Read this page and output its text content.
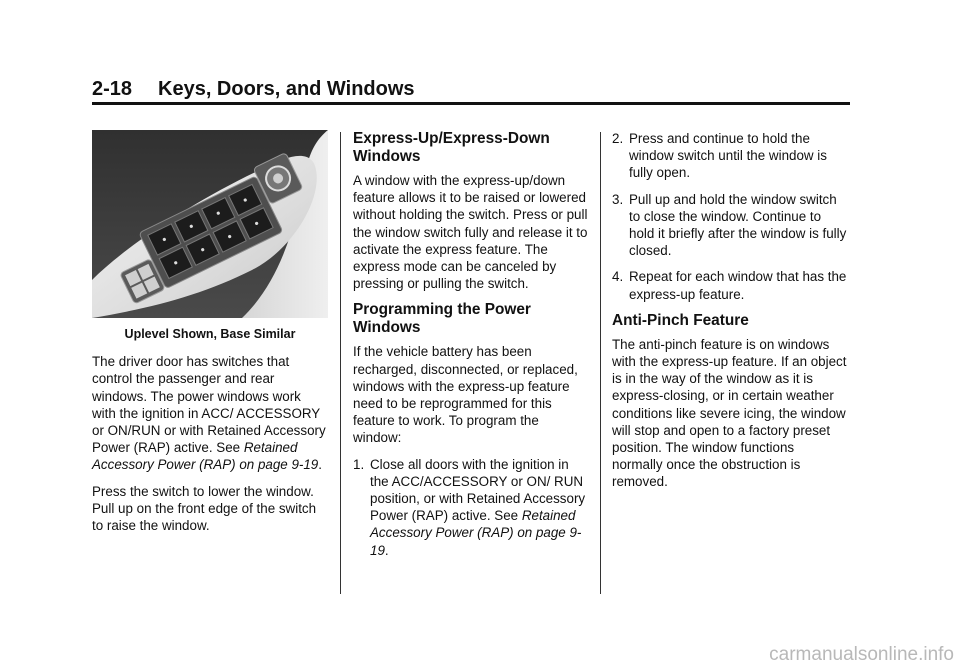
2-18 Keys, Doors, and Windows
Uplevel Shown, Base Similar

The driver door has switches that control the passenger and rear windows. The power windows work with the ignition in ACC/ ACCESSORY or ON/RUN or with Retained Accessory Power (RAP) active. See Retained Accessory Power (RAP) on page 9-19.

Press the switch to lower the window. Pull up on the front edge of the switch to raise the window.

Express-Up/Express-Down Windows

A window with the express-up/down feature allows it to be raised or lowered without holding the switch. Press or pull the window switch fully and release it to activate the express feature. The express mode can be canceled by pressing or pulling the switch.

Programming the Power Windows

If the vehicle battery has been recharged, disconnected, or replaced, windows with the express-up feature need to be reprogrammed for this feature to work. To program the window:

1. Close all doors with the ignition in the ACC/ACCESSORY or ON/ RUN position, or with Retained Accessory Power (RAP) active. See Retained Accessory Power (RAP) on page 9-19.
2. Press and continue to hold the window switch until the window is fully open.
3. Pull up and hold the window switch to close the window. Continue to hold it briefly after the window is fully closed.
4. Repeat for each window that has the express-up feature.
Anti-Pinch Feature

The anti-pinch feature is on windows with the express-up feature. If an object is in the way of the window as it is express-closing, or in certain weather conditions like severe icing, the window will stop and open to a factory preset position. The window functions normally once the obstruction is removed.

carmanualsonline.info
